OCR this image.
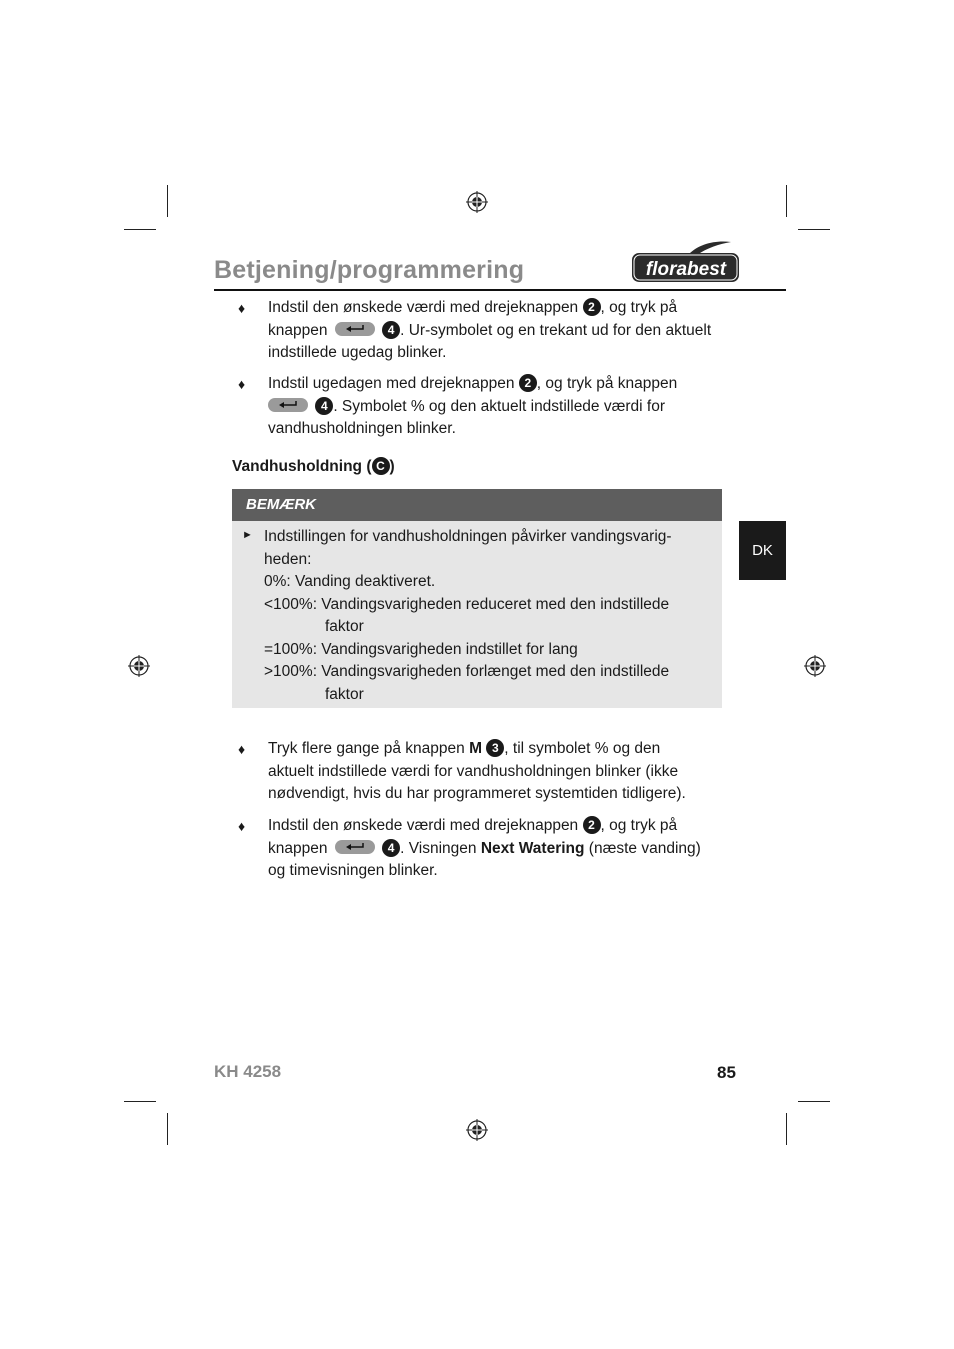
Betjening/programmering	florabest
♦ Indstil den ønskede værdi med drejeknappen 2 , og tryk på
knappen	4 . Ur-symbolet og en trekant ud for den aktuelt
indstillede ugedag blinker.
♦ Indstil ugedagen med drejeknappen 2 , og tryk på knappen

4 . Symbolet % og den aktuelt indstillede værdi for
vandhusholdningen blinker.
Vandhusholdning ( C )
BEMÆRK
► Indstillingen for vandhusholdningen påvirker vandingsvarig-
heden:
0%: Vanding deaktiveret.
<100%: Vandingsvarigheden reduceret med den indstillede
faktor
=100%: Vandingsvarigheden indstillet for lang
>100%: Vandingsvarigheden forlænget med den indstillede
faktor
DK
♦ Tryk flere gange på knappen M 3 , til symbolet % og den
aktuelt indstillede værdi for vandhusholdningen blinker (ikke
nødvendigt, hvis du har programmeret systemtiden tidligere).
♦ Indstil den ønskede værdi med drejeknappen 2 , og tryk på
knappen	4 . Visningen Next Watering (næste vanding)
og timevisningen blinker.
KH 4258	85
